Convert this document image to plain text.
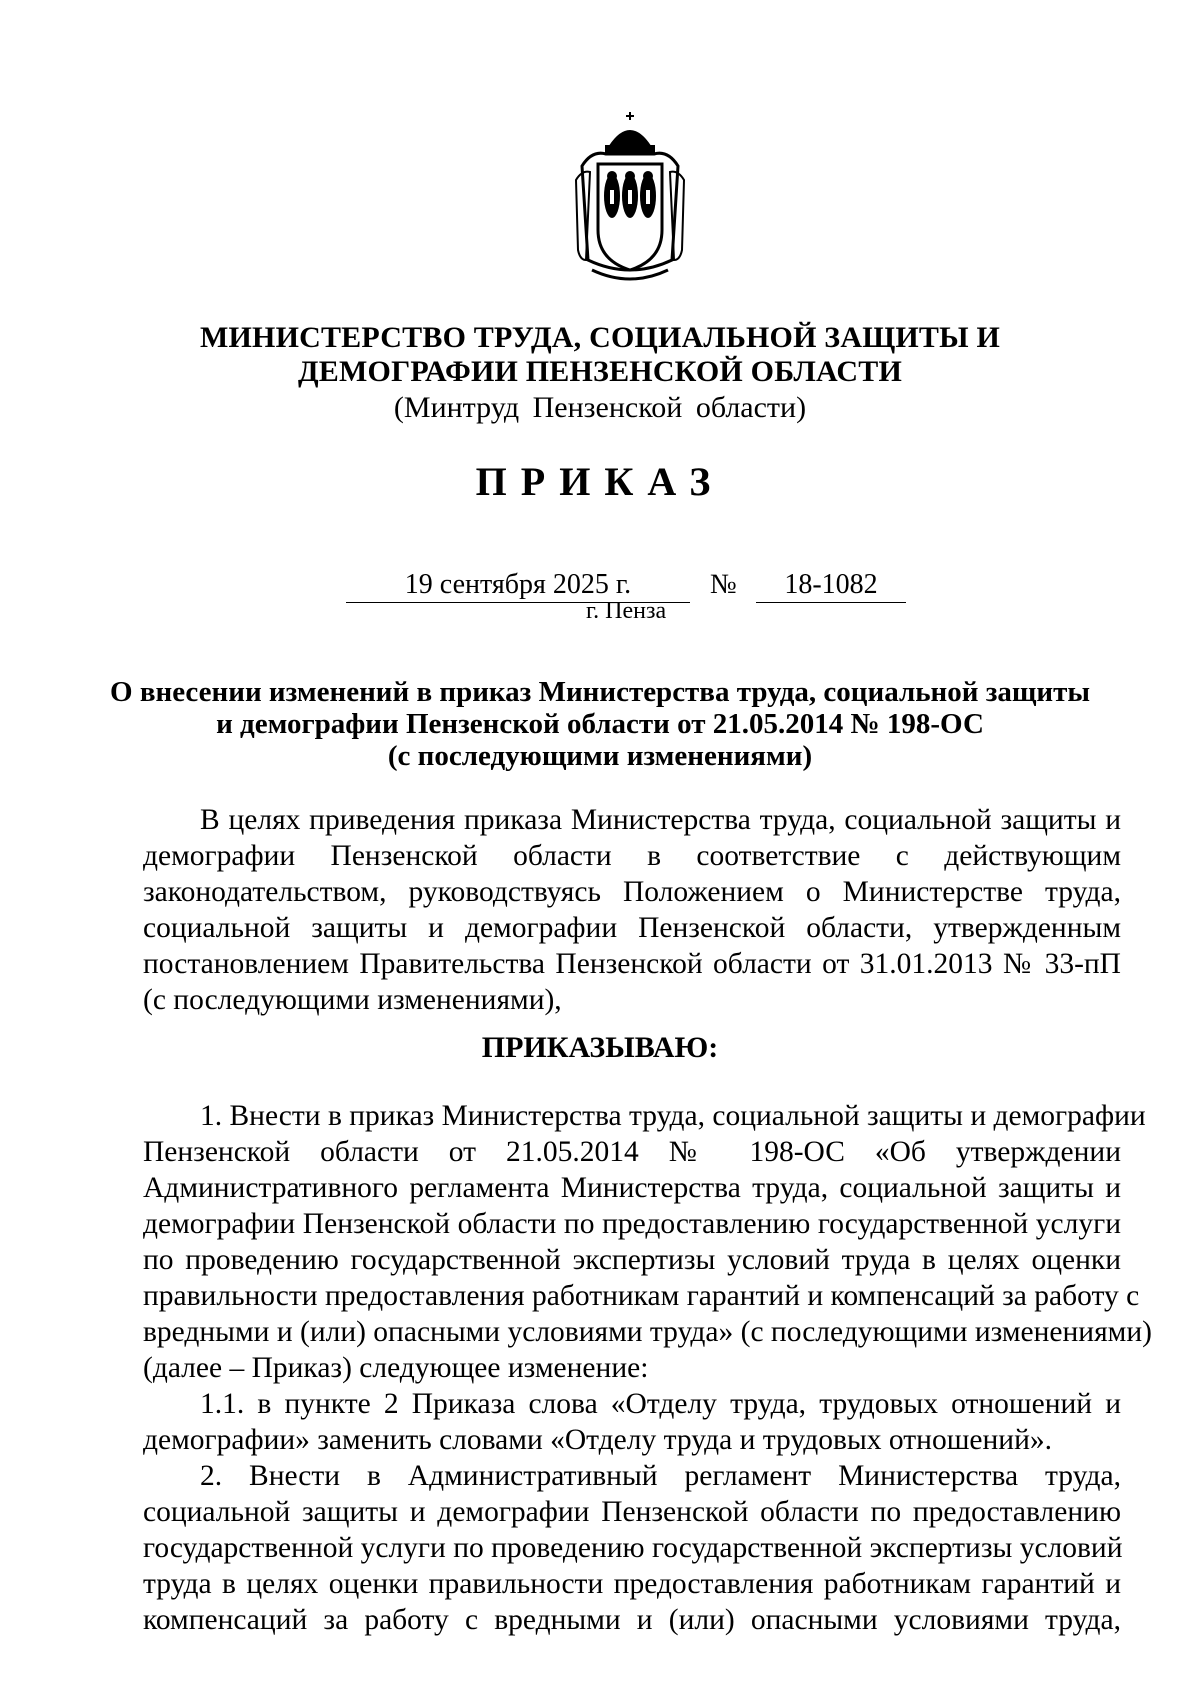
МИНИСТЕРСТВО ТРУДА, СОЦИАЛЬНОЙ ЗАЩИТЫ И
ДЕМОГРАФИИ ПЕНЗЕНСКОЙ ОБЛАСТИ
(Минтруд Пензенской области)
ПРИКАЗ
19 сентября 2025 г.	№	18-1082
г. Пенза
О внесении изменений в приказ Министерства труда, социальной защиты
и демографии Пензенской области от 21.05.2014 № 198-ОС
(с последующими изменениями)
В целях приведения приказа Министерства труда, социальной защиты и
демографии Пензенской области в соответствие с действующим
законодательством, руководствуясь Положением о Министерстве труда,
социальной защиты и демографии Пензенской области, утвержденным
постановлением Правительства Пензенской области от 31.01.2013 № 33-пП
(с последующими изменениями),
ПРИКАЗЫВАЮ:
1. Внести в приказ Министерства труда, социальной защиты и демографии
Пензенской области от 21.05.2014 № 198-ОС «Об утверждении
Административного регламента Министерства труда, социальной защиты и
демографии Пензенской области по предоставлению государственной услуги
по проведению государственной экспертизы условий труда в целях оценки
правильности предоставления работникам гарантий и компенсаций за работу с
вредными и (или) опасными условиями труда» (с последующими изменениями)
(далее – Приказ) следующее изменение:
1.1. в пункте 2 Приказа слова «Отделу труда, трудовых отношений и
демографии» заменить словами «Отделу труда и трудовых отношений».
2. Внести в Административный регламент Министерства труда,
социальной защиты и демографии Пензенской области по предоставлению
государственной услуги по проведению государственной экспертизы условий
труда в целях оценки правильности предоставления работникам гарантий и
компенсаций за работу с вредными и (или) опасными условиями труда,
